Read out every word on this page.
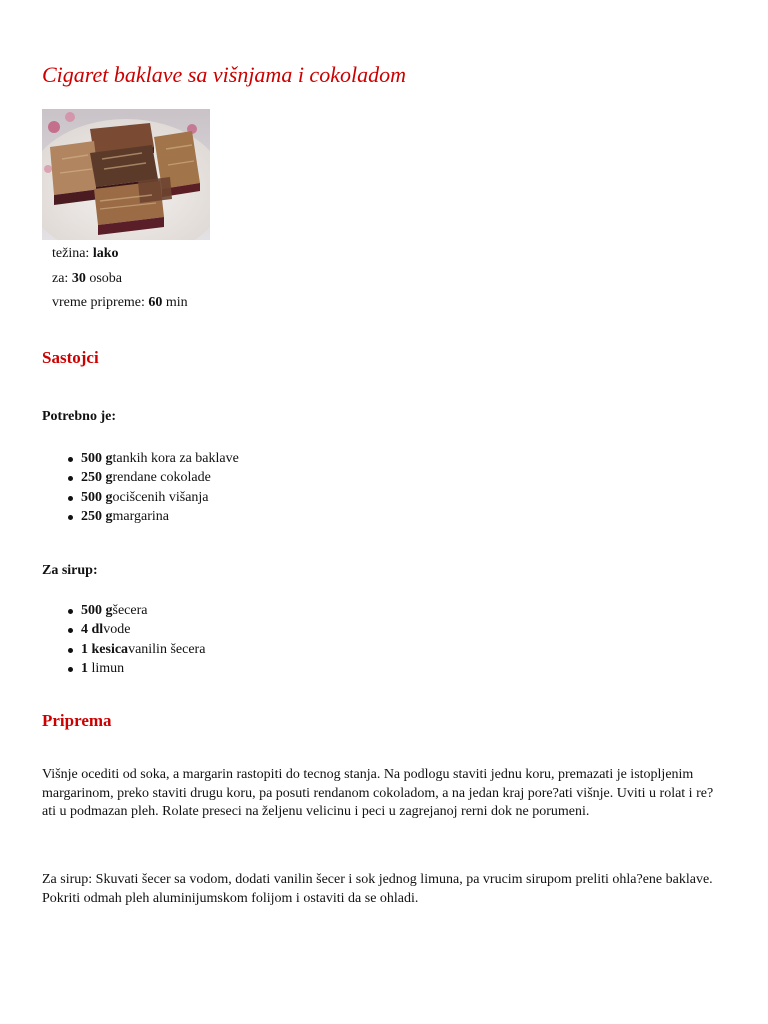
Cigaret baklave sa višnjama i cokoladom
težina: lako
za: 30 osoba
vreme pripreme: 60 min
Sastojci
Potrebno je:
500 gtankih kora za baklave
250 grendane cokolade
500 gocišcenih višanja
250 gmargarina
Za sirup:
500 gšecera
4 dlvode
1 kesicavanilin šecera
1 limun
Priprema

Višnje oceditі od soka, a margarin rastopiti do tecnog stanja. Na podlogu staviti jednu koru, premazati je istopljenim margarinom, preko staviti drugu koru, pa posuti rendanom cokoladom, a na jedan kraj pore?ati višnje. Uviti u rolat i re?ati u podmazan pleh. Rolate preseci na željenu velicinu i peci u zagrejanoj rerni dok ne porumeni.

Za sirup: Skuvati šecer sa vodom, dodati vanilin šecer i sok jednog limuna, pa vrucim sirupom preliti ohla?ene baklave. Pokriti odmah pleh aluminijumskom folijom i ostaviti da se ohladi.
